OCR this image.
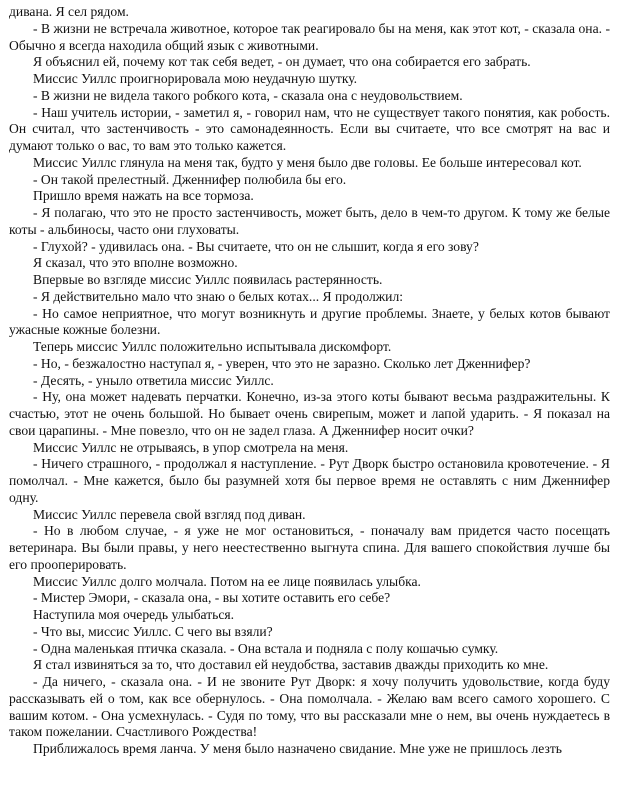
дивана. Я сел рядом.

- В жизни не встречала животное, которое так реагировало бы на меня, как этот кот, - сказала она. - Обычно я всегда находила общий язык с животными.

Я объяснил ей, почему кот так себя ведет, - он думает, что она собирается его забрать.

Миссис Уиллс проигнорировала мою неудачную шутку.

- В жизни не видела такого робкого кота, - сказала она с неудовольствием.

- Наш учитель истории, - заметил я, - говорил нам, что не существует такого понятия, как робость. Он считал, что застенчивость - это самонадеянность. Если вы считаете, что все смотрят на вас и думают только о вас, то вам это только кажется.

Миссис Уиллс глянула на меня так, будто у меня было две головы. Ее больше интересовал кот.

- Он такой прелестный. Дженнифер полюбила бы его.

Пришло время нажать на все тормоза.

- Я полагаю, что это не просто застенчивость, может быть, дело в чем-то другом. К тому же белые коты - альбиносы, часто они глуховаты.

- Глухой? - удивилась она. - Вы считаете, что он не слышит, когда я его зову?

Я сказал, что это вполне возможно.

Впервые во взгляде миссис Уиллс появилась растерянность.

- Я действительно мало что знаю о белых котах... Я продолжил:

- Но самое неприятное, что могут возникнуть и другие проблемы. Знаете, у белых котов бывают ужасные кожные болезни.

Теперь миссис Уиллс положительно испытывала дискомфорт.

- Но, - безжалостно наступал я, - уверен, что это не заразно. Сколько лет Дженнифер?

- Десять, - уныло ответила миссис Уиллс.

- Ну, она может надевать перчатки. Конечно, из-за этого коты бывают весьма раздражительны. К счастью, этот не очень большой. Но бывает очень свирепым, может и лапой ударить. - Я показал на свои царапины. - Мне повезло, что он не задел глаза. А Дженнифер носит очки?

Миссис Уиллс не отрываясь, в упор смотрела на меня.

- Ничего страшного, - продолжал я наступление. - Рут Дворк быстро остановила кровотечение. - Я помолчал. - Мне кажется, было бы разумней хотя бы первое время не оставлять с ним Дженнифер одну.

Миссис Уиллс перевела свой взгляд под диван.

- Но в любом случае, - я уже не мог остановиться, - поначалу вам придется часто посещать ветеринара. Вы были правы, у него неестественно выгнута спина. Для вашего спокойствия лучше бы его прооперировать.

Миссис Уиллс долго молчала. Потом на ее лице появилась улыбка.

- Мистер Эмори, - сказала она, - вы хотите оставить его себе?

Наступила моя очередь улыбаться.

- Что вы, миссис Уиллс. С чего вы взяли?

- Одна маленькая птичка сказала. - Она встала и подняла с полу кошачью сумку.

Я стал извиняться за то, что доставил ей неудобства, заставив дважды приходить ко мне.

- Да ничего, - сказала она. - И не звоните Рут Дворк: я хочу получить удовольствие, когда буду рассказывать ей о том, как все обернулось. - Она помолчала. - Желаю вам всего самого хорошего. С вашим котом. - Она усмехнулась. - Судя по тому, что вы рассказали мне о нем, вы очень нуждаетесь в таком пожелании. Счастливого Рождества!

Приближалось время ланча. У меня было назначено свидание. Мне уже не пришлось лезть
